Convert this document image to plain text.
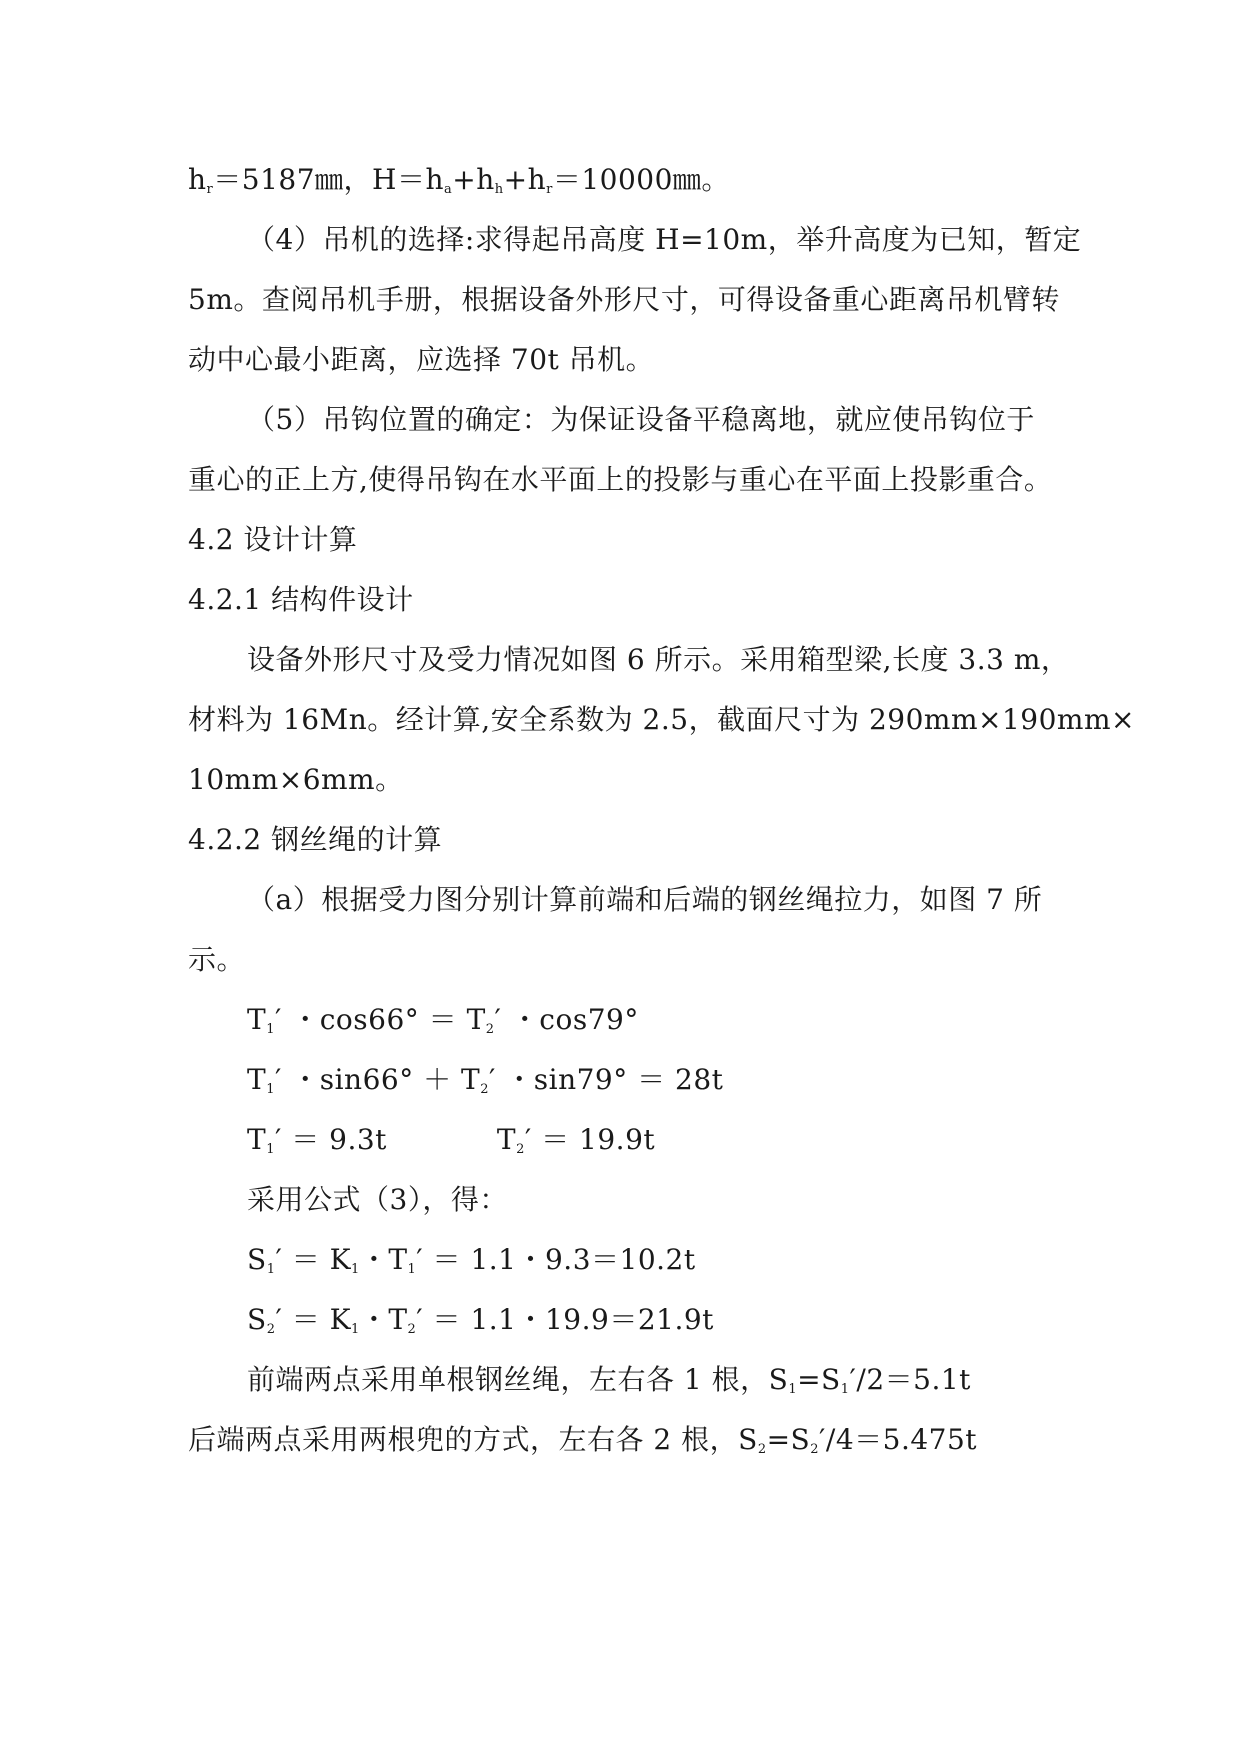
$h_r=5187㎜$，$H=h_a+h_h+h_r=10000㎜$。
（4）吊机的选择:求得起吊高度 H=10m，举升高度为已知，暂定
5m。查阅吊机手册，根据设备外形尺寸，可得设备重心距离吊机臂转
动中心最小距离，应选择 70t 吊机。
（5）吊钩位置的确定：为保证设备平稳离地，就应使吊钩位于
重心的正上方,使得吊钩在水平面上的投影与重心在平面上投影重合。
4.2 设计计算
4.2.1 结构件设计
设备外形尺寸及受力情况如图 6 所示。采用箱型梁,长度 3.3 m，
材料为 16Mn。经计算,安全系数为 2.5，截面尺寸为 290mm×190mm×
10mm×6mm。
4.2.2 钢丝绳的计算
（a）根据受力图分别计算前端和后端的钢丝绳拉力，如图 7 所
示。
$T_1'$ ・$\cos 66^\circ = T_2'$ ・cos79°
$T_1'$ ・$\sin 66^\circ + T_2'$ ・sin79° ＝ 28t
$T_1' = 9.3t$	$T_2' = 19.9t$
采用公式（3），得：
$S_1' = K_1$・$T_1' = 1.1$・9.3＝10.2t
$S_2' = K_1$・$T_2' = 1.1$・19.9＝21.9t
前端两点采用单根钢丝绳，左右各 1 根，$S_1=S_1'/2=5.1t$
后端两点采用两根兜的方式，左右各 2 根，$S_2=S_2'/4=5.475t$
